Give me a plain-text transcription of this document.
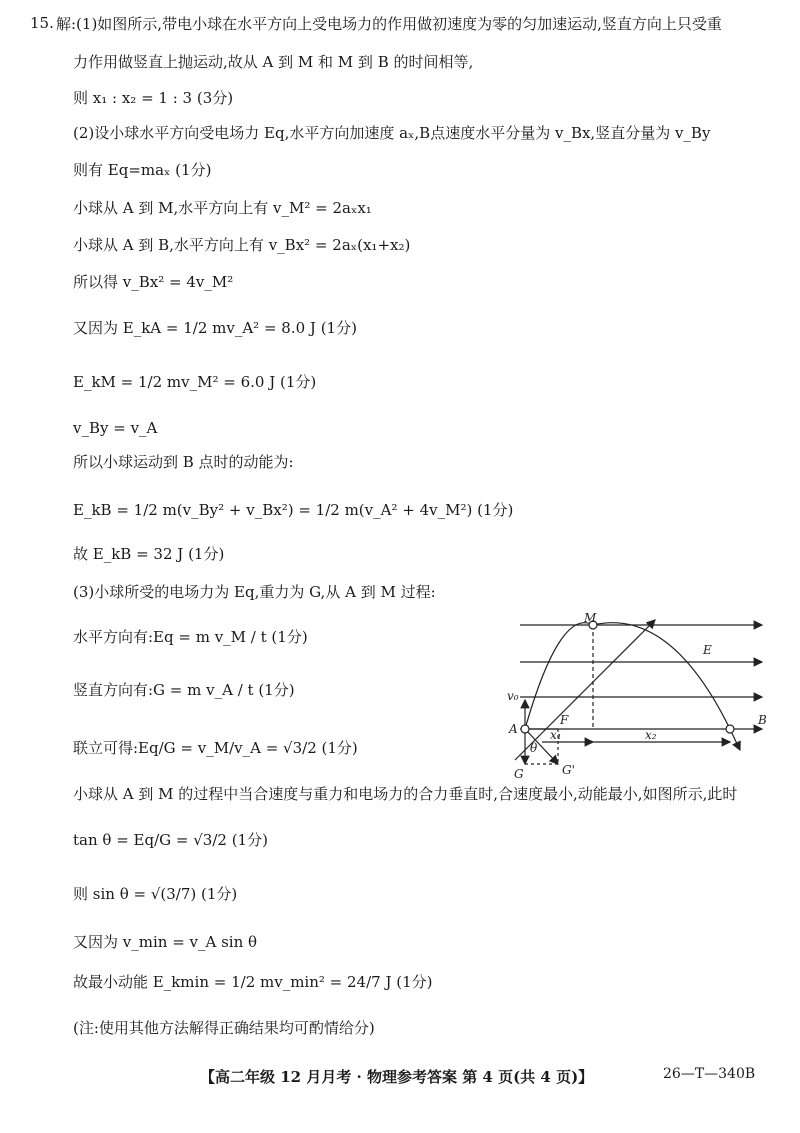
15. 解:(1)如图所示,带电小球在水平方向上受电场力的作用做初速度为零的匀加速运动,竖直方向上只受重
力作用做竖直上抛运动,故从 A 到 M 和 M 到 B 的时间相等,
则 x₁ : x₂ = 1 : 3 (3分)
(2)设小球水平方向受电场力 Eq,水平方向加速度 aₓ,B点速度水平分量为 v_Bx,竖直分量为 v_By
则有 Eq=maₓ (1分)
小球从 A 到 M,水平方向上有 v_M² = 2aₓx₁
小球从 A 到 B,水平方向上有 v_Bx² = 2aₓ(x₁+x₂)
所以得 v_Bx² = 4v_M²
又因为 E_kA = 1/2 mv_A² = 8.0 J (1分)
E_kM = 1/2 mv_M² = 6.0 J (1分)
v_By = v_A
所以小球运动到 B 点时的动能为:
E_kB = 1/2 m(v_By² + v_Bx²) = 1/2 m(v_A² + 4v_M²) (1分)
故 E_kB = 32 J (1分)
(3)小球所受的电场力为 Eq,重力为 G,从 A 到 M 过程:
水平方向有:Eq = m v_M / t (1分)
竖直方向有:G = m v_A / t (1分)
联立可得:Eq/G = v_M/v_A = √3/2 (1分)
小球从 A 到 M 的过程中当合速度与重力和电场力的合力垂直时,合速度最小,动能最小,如图所示,此时
tan θ = Eq/G = √3/2 (1分)
则 sin θ = √(3/7) (1分)
又因为 v_min = v_A sin θ
故最小动能 E_kmin = 1/2 mv_min² = 24/7 J (1分)
(注:使用其他方法解得正确结果均可酌情给分)
M
E
v₀
F
A
B
θ
x₁	x₂
G	G'
【高二年级 12 月月考 · 物理参考答案 第 4 页(共 4 页)】	26—T—340B
